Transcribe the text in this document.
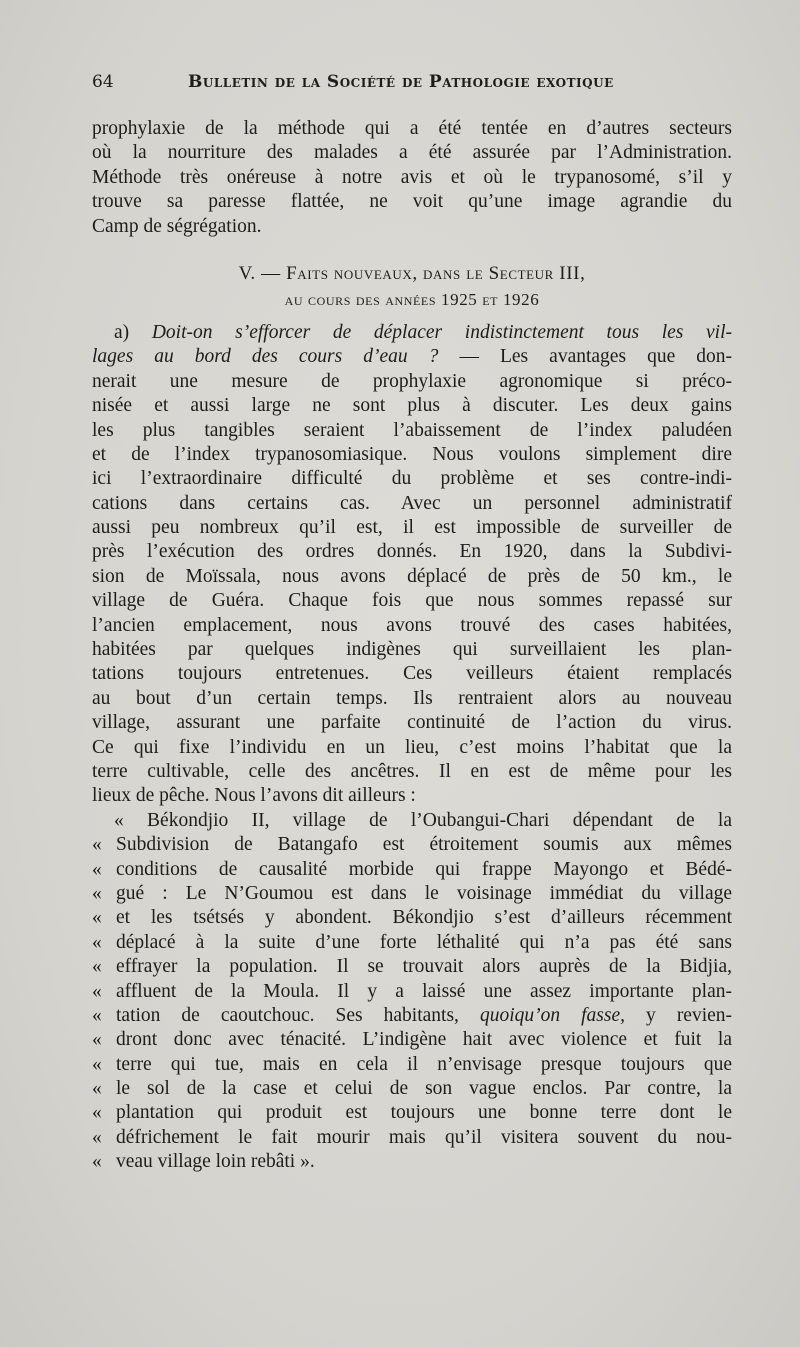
64	Bulletin de la Société de Pathologie exotique
prophylaxie de la méthode qui a été tentée en d’autres secteurs
où la nourriture des malades a été assurée par l’Administration.
Méthode très onéreuse à notre avis et où le trypanosomé, s’il y
trouve sa paresse flattée, ne voit qu’une image agrandie du
Camp de ségrégation.
V. — Faits nouveaux, dans le Secteur III,
au cours des années 1925 et 1926
a) Doit-on s’efforcer de déplacer indistinctement tous les vil-
lages au bord des cours d’eau ? — Les avantages que don-
nerait une mesure de prophylaxie agronomique si préco-
nisée et aussi large ne sont plus à discuter. Les deux gains
les plus tangibles seraient l’abaissement de l’index paludéen
et de l’index trypanosomiasique. Nous voulons simplement dire
ici l’extraordinaire difficulté du problème et ses contre-indi-
cations dans certains cas. Avec un personnel administratif
aussi peu nombreux qu’il est, il est impossible de surveiller de
près l’exécution des ordres donnés. En 1920, dans la Subdivi-
sion de Moïssala, nous avons déplacé de près de 50 km., le
village de Guéra. Chaque fois que nous sommes repassé sur
l’ancien emplacement, nous avons trouvé des cases habitées,
habitées par quelques indigènes qui surveillaient les plan-
tations toujours entretenues. Ces veilleurs étaient remplacés
au bout d’un certain temps. Ils rentraient alors au nouveau
village, assurant une parfaite continuité de l’action du virus.
Ce qui fixe l’individu en un lieu, c’est moins l’habitat que la
terre cultivable, celle des ancêtres. Il en est de même pour les
lieux de pêche. Nous l’avons dit ailleurs :
« Békondjio II, village de l’Oubangui-Chari dépendant de la
« Subdivision de Batangafo est étroitement soumis aux mêmes
« conditions de causalité morbide qui frappe Mayongo et Bédé-
« gué : Le N’Goumou est dans le voisinage immédiat du village
« et les tsétsés y abondent. Békondjio s’est d’ailleurs récemment
« déplacé à la suite d’une forte léthalité qui n’a pas été sans
« effrayer la population. Il se trouvait alors auprès de la Bidjia,
« affluent de la Moula. Il y a laissé une assez importante plan-
« tation de caoutchouc. Ses habitants, quoiqu’on fasse, y revien-
« dront donc avec ténacité. L’indigène hait avec violence et fuit la
« terre qui tue, mais en cela il n’envisage presque toujours que
« le sol de la case et celui de son vague enclos. Par contre, la
« plantation qui produit est toujours une bonne terre dont le
« défrichement le fait mourir mais qu’il visitera souvent du nou-
« veau village loin rebâti ».
